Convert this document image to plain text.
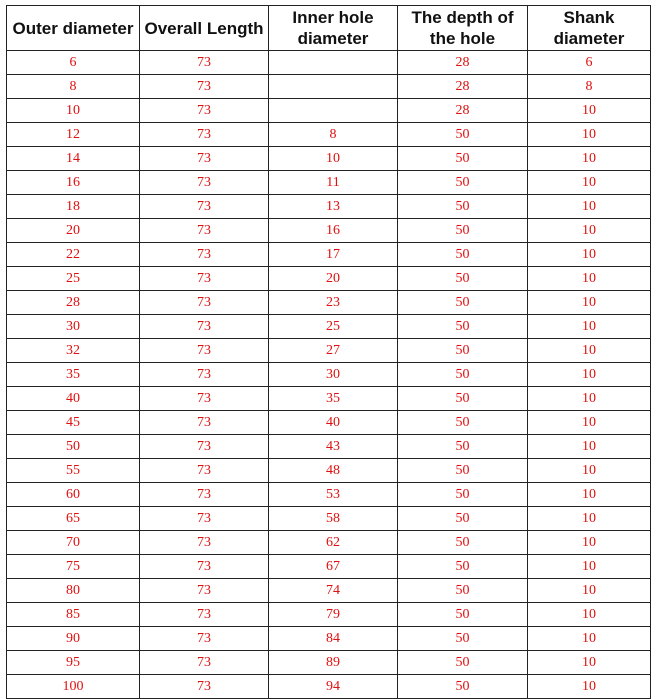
Outer diameter	Overall Length	Inner hole diameter	The depth of the hole	Shank diameter
6	73		28	6
8	73		28	8
10	73		28	10
12	73	8	50	10
14	73	10	50	10
16	73	11	50	10
18	73	13	50	10
20	73	16	50	10
22	73	17	50	10
25	73	20	50	10
28	73	23	50	10
30	73	25	50	10
32	73	27	50	10
35	73	30	50	10
40	73	35	50	10
45	73	40	50	10
50	73	43	50	10
55	73	48	50	10
60	73	53	50	10
65	73	58	50	10
70	73	62	50	10
75	73	67	50	10
80	73	74	50	10
85	73	79	50	10
90	73	84	50	10
95	73	89	50	10
100	73	94	50	10
